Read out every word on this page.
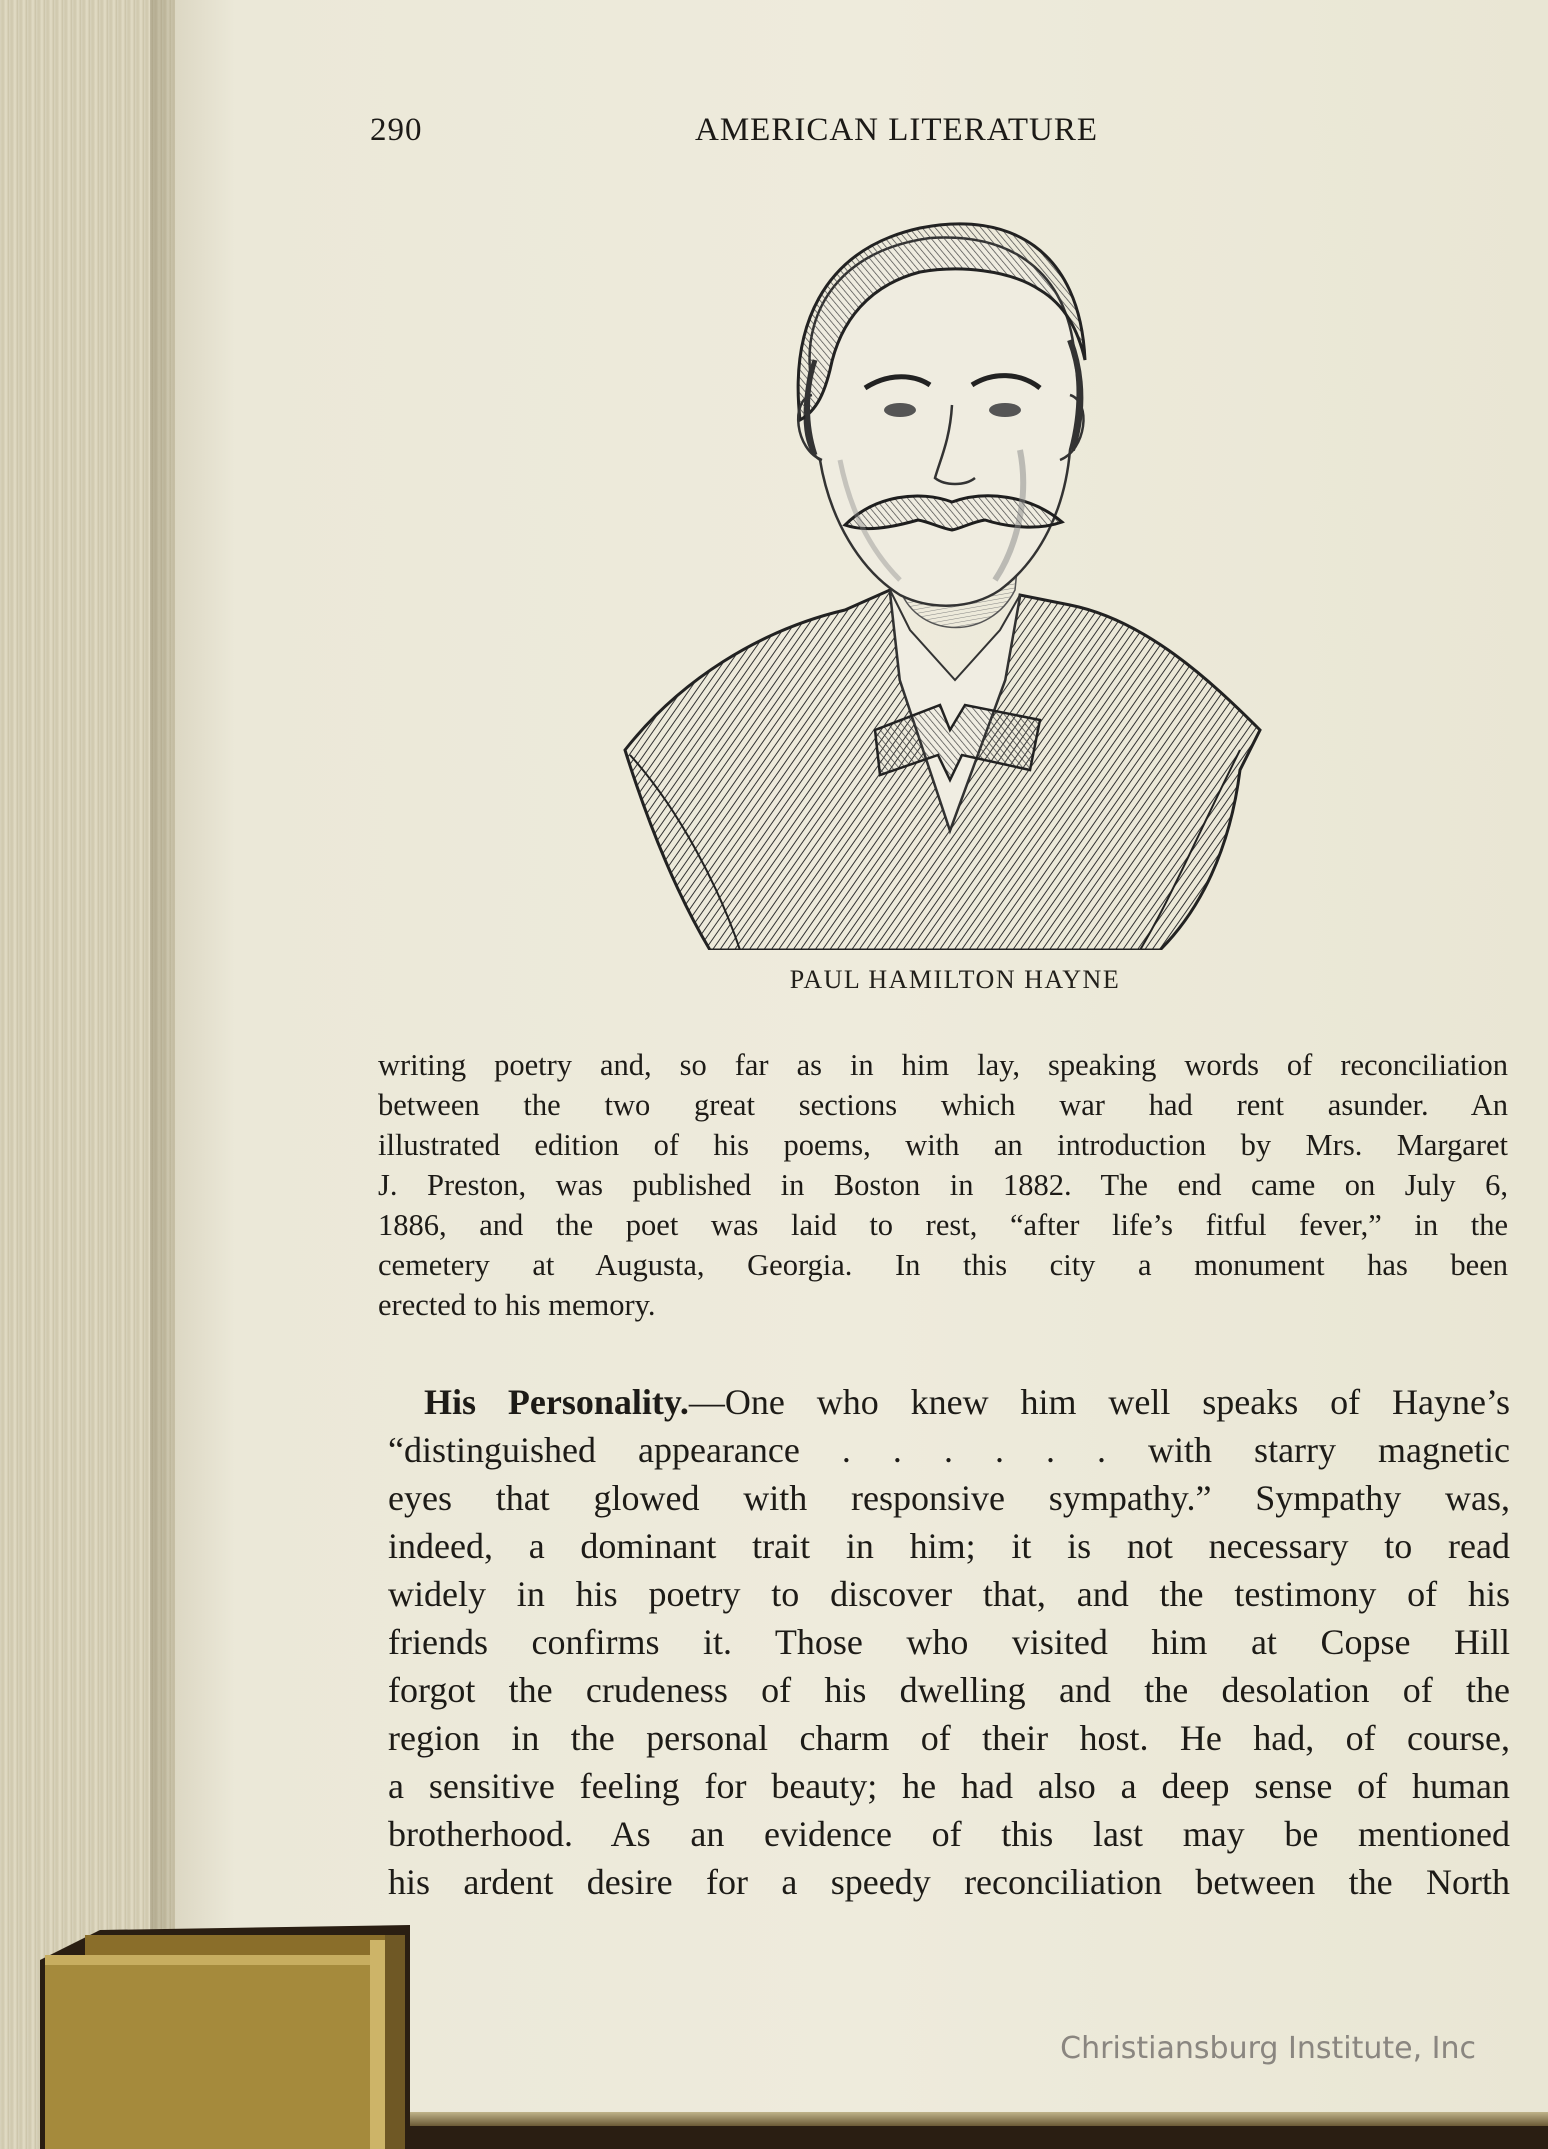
290	AMERICAN LITERATURE
PAUL HAMILTON HAYNE

writing poetry and, so far as in him lay, speaking words of reconciliation
between the two great sections which war had rent asunder. An
illustrated edition of his poems, with an introduction by Mrs. Margaret
J. Preston, was published in Boston in 1882. The end came on July 6,
1886, and the poet was laid to rest, “after life’s fitful fever,” in the
cemetery at Augusta, Georgia. In this city a monument has been
erected to his memory.

His Personality.—One who knew him well speaks of Hayne’s
“distinguished appearance . . . . . . with starry magnetic
eyes that glowed with responsive sympathy.” Sympathy was,
indeed, a dominant trait in him; it is not necessary to read
widely in his poetry to discover that, and the testimony of his
friends confirms it. Those who visited him at Copse Hill
forgot the crudeness of his dwelling and the desolation of the
region in the personal charm of their host. He had, of course,
a sensitive feeling for beauty; he had also a deep sense of human
brotherhood. As an evidence of this last may be mentioned
his ardent desire for a speedy reconciliation between the North

Christiansburg Institute, Inc
